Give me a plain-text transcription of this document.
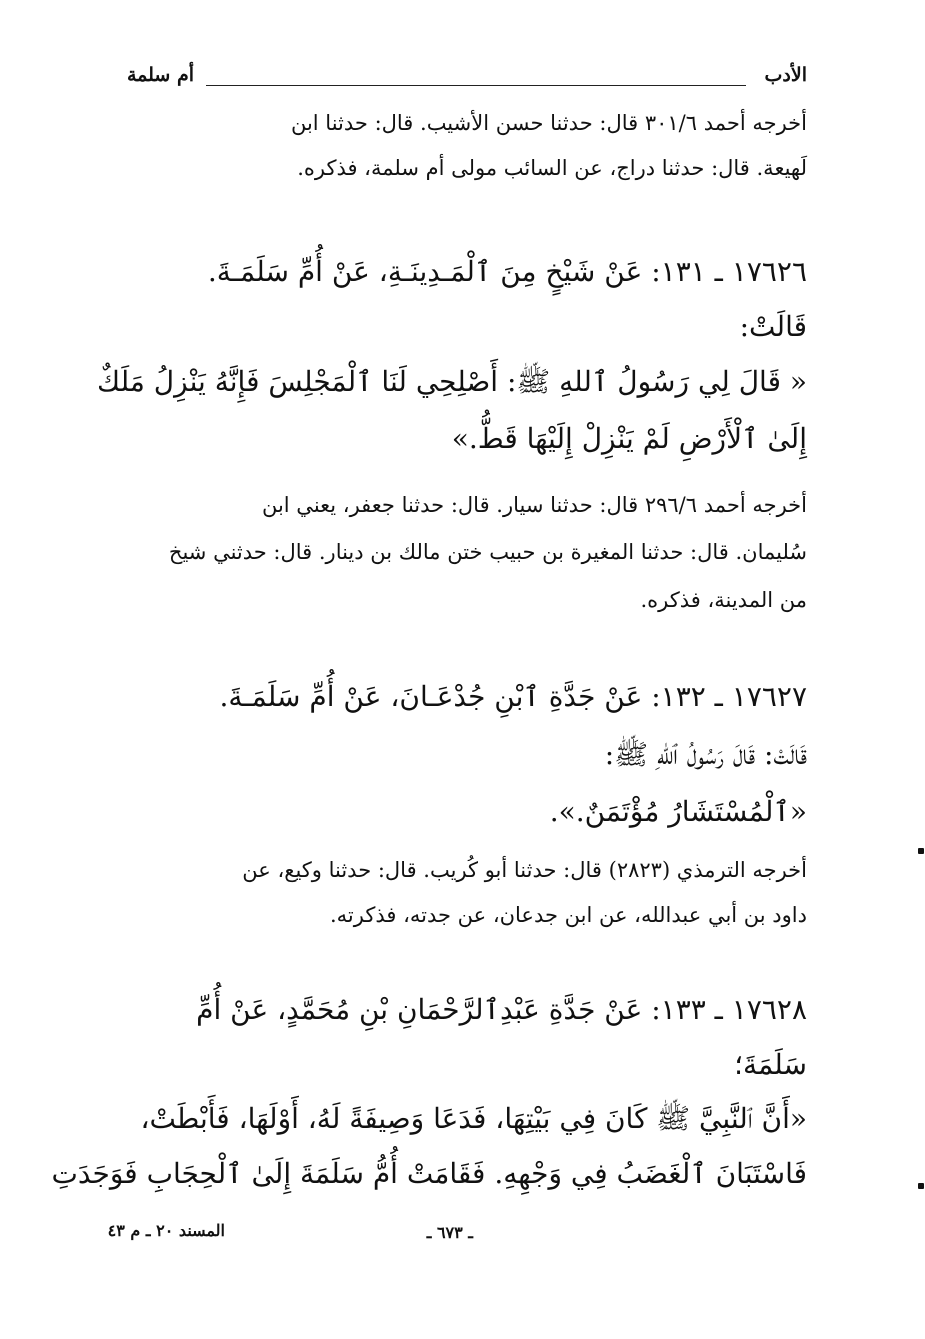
الأدب
أم سلمة
أخرجه أحمد ٣٠١/٦ قال: حدثنا حسن الأشيب. قال: حدثنا ابن
لَهيعة. قال: حدثنا دراج، عن السائب مولى أم سلمة، فذكره.
١٧٦٢٦ ـ ١٣١: عَنْ شَيْخٍ مِنَ ٱلْمَـدِينَـةِ، عَنْ أُمِّ سَلَمَـةَ.
قَالَتْ:
« قَالَ لِي رَسُولُ ٱللهِ ﷺ: أَصْلِحِي لَنَا ٱلْمَجْلِسَ فَإِنَّهُ يَنْزِلُ مَلَكٌ
إِلَىٰ ٱلْأَرْضِ لَمْ يَنْزِلْ إِلَيْهَا قَطُّ.»
أخرجه أحمد ٢٩٦/٦ قال: حدثنا سيار. قال: حدثنا جعفر، يعني ابن
سُليمان. قال: حدثنا المغيرة بن حبيب ختن مالك بن دينار. قال: حدثني شيخ
من المدينة، فذكره.
١٧٦٢٧ ـ ١٣٢: عَنْ جَدَّةِ ٱبْنِ جُدْعَـانَ، عَنْ أُمِّ سَلَمَـةَ.
قَالَتْ: قَالَ رَسُولُ ٱللهِ ﷺ:
«ٱلْمُسْتَشَارُ مُؤْتَمَنٌ.».
أخرجه الترمذي (٢٨٢٣) قال: حدثنا أبو كُريب. قال: حدثنا وكيع، عن
داود بن أبي عبدالله، عن ابن جدعان، عن جدته، فذكرته.
١٧٦٢٨ ـ ١٣٣: عَنْ جَدَّةِ عَبْدِٱلرَّحْمَانِ بْنِ مُحَمَّدٍ، عَنْ أُمِّ
سَلَمَةَ؛
«أَنَّ ٱلنَّبِيَّ ﷺ كَانَ فِي بَيْتِهَا، فَدَعَا وَصِيفَةً لَهُ، أَوْلَهَا، فَأَبْطَتْ،
فَاسْتَبَانَ ٱلْغَضَبُ فِي وَجْهِهِ. فَقَامَتْ أُمُّ سَلَمَةَ إِلَىٰ ٱلْحِجَابِ فَوَجَدَتِ
ـ ٦٧٣ ـ
المسند ٢٠ ـ م ٤٣
